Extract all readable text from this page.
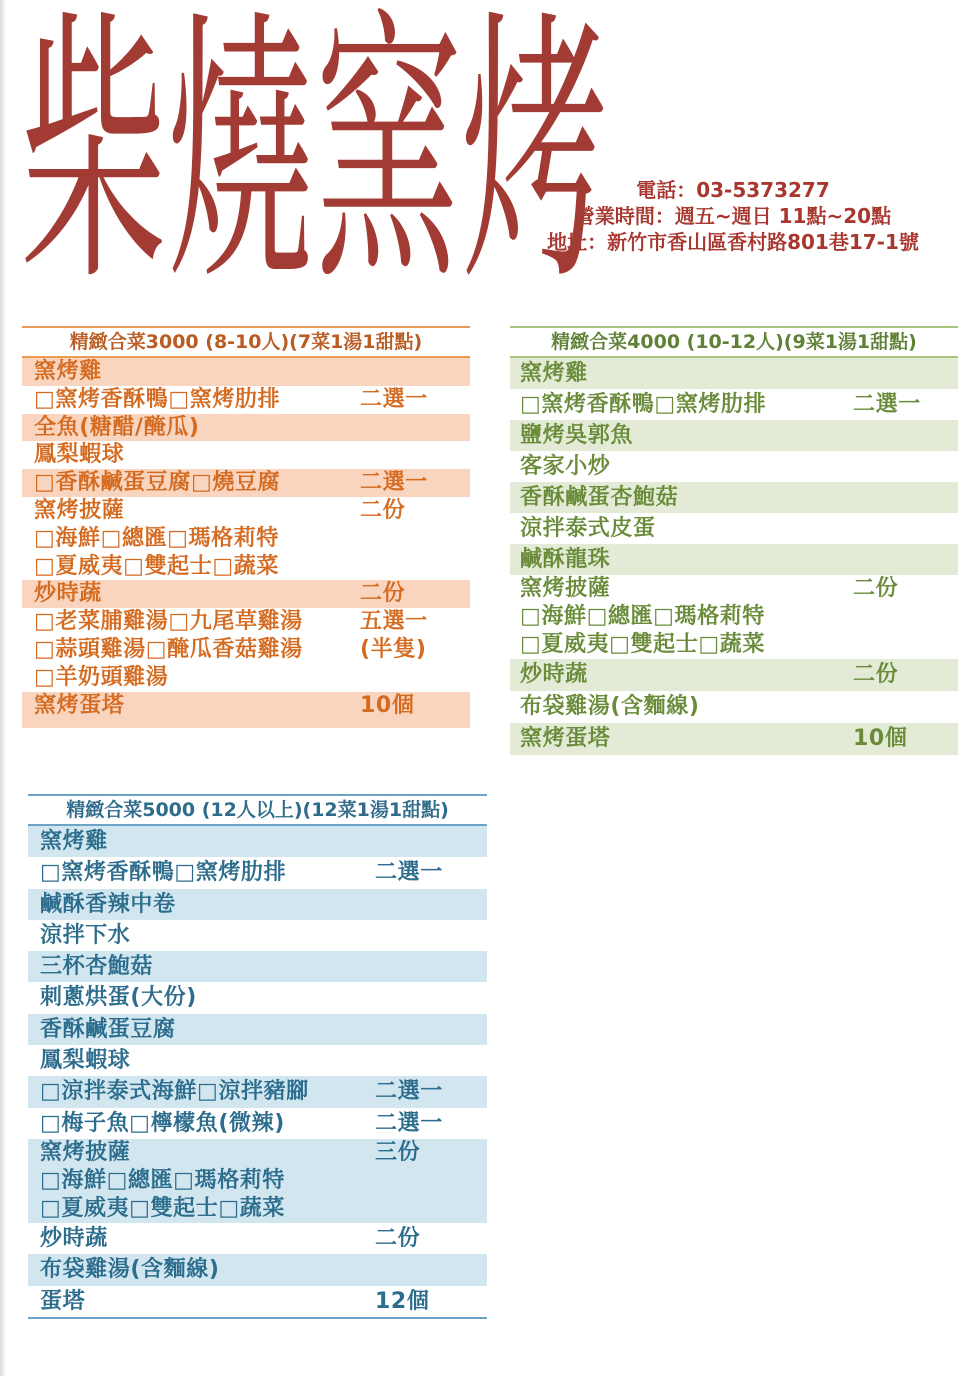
柴燒窯烤	電話：03-5373277
營業時間：週五~週日 11點~20點
地址：新竹市香山區香村路801巷17-1號
精緻合菜3000 (8-10人)(7菜1湯1甜點)
窯烤雞
□窯烤香酥鴨□窯烤肋排	二選一
全魚(糖醋/醃瓜)
鳳梨蝦球
□香酥鹹蛋豆腐□燒豆腐	二選一
窯烤披薩	二份
□海鮮□總匯□瑪格莉特
□夏威夷□雙起士□蔬菜
炒時蔬	二份
□老菜脯雞湯□九尾草雞湯	五選一
□蒜頭雞湯□醃瓜香菇雞湯	(半隻)
□羊奶頭雞湯
窯烤蛋塔	10個
精緻合菜4000 (10-12人)(9菜1湯1甜點)
窯烤雞
□窯烤香酥鴨□窯烤肋排	二選一
鹽烤吳郭魚
客家小炒
香酥鹹蛋杏鮑菇
涼拌泰式皮蛋
鹹酥龍珠
窯烤披薩	二份
□海鮮□總匯□瑪格莉特
□夏威夷□雙起士□蔬菜
炒時蔬	二份
布袋雞湯(含麵線)
窯烤蛋塔	10個
精緻合菜5000 (12人以上)(12菜1湯1甜點)
窯烤雞
□窯烤香酥鴨□窯烤肋排	二選一
鹹酥香辣中卷
涼拌下水
三杯杏鮑菇
刺蔥烘蛋(大份)
香酥鹹蛋豆腐
鳳梨蝦球
□涼拌泰式海鮮□涼拌豬腳	二選一
□梅子魚□檸檬魚(微辣)	二選一
窯烤披薩	三份
□海鮮□總匯□瑪格莉特
□夏威夷□雙起士□蔬菜
炒時蔬	二份
布袋雞湯(含麵線)
蛋塔	12個
